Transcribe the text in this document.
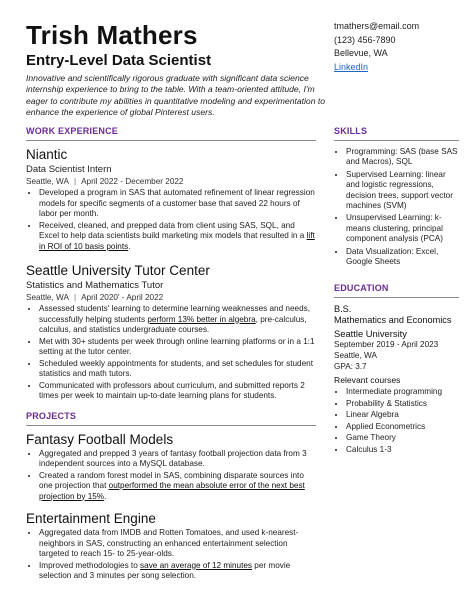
Trish Mathers
Entry-Level Data Scientist
tmathers@email.com
(123) 456-7890
Bellevue, WA
LinkedIn
Innovative and scientifically rigorous graduate with significant data science internship experience to bring to the table. With a team-oriented attitude, I'm eager to contribute my abilities in quantitative modeling and experimentation to enhance the experience of global Pinterest users.
WORK EXPERIENCE
Niantic
Data Scientist Intern
Seattle, WA | April 2022 - December 2022
• Developed a program in SAS that automated refinement of linear regression models for specific segments of a customer base that saved 22 hours of labor per month.
• Received, cleaned, and prepped data from client using SAS, SQL, and Excel to help data scientists build marketing mix models that resulted in a lift in ROI of 10 basis points.
Seattle University Tutor Center
Statistics and Mathematics Tutor
Seattle, WA | April 2020' - April 2022
• Assessed students' learning to determine learning weaknesses and needs, successfully helping students perform 13% better in algebra, pre-calculus, calculus, and statistics undergraduate courses.
• Met with 30+ students per week through online learning platforms or in a 1:1 setting at the tutor center.
• Scheduled weekly appointments for students, and set schedules for student statistics and math tutors.
• Communicated with professors about curriculum, and submitted reports 2 times per week to maintain up-to-date learning plans for students.
PROJECTS
Fantasy Football Models
• Aggregated and prepped 3 years of fantasy football projection data from 3 independent sources into a MySQL database.
• Created a random forest model in SAS, combining disparate sources into one projection that outperformed the mean absolute error of the next best projection by 15%.
Entertainment Engine
• Aggregated data from IMDB and Rotten Tomatoes, and used k-nearest-neighbors in SAS, constructing an enhanced entertainment selection targeted to reach 15- to 25-year-olds.
• Improved methodologies to save an average of 12 minutes per movie selection and 3 minutes per song selection.
SKILLS
• Programming: SAS (base SAS and Macros), SQL
• Supervised Learning: linear and logistic regressions, decision trees, support vector machines (SVM)
• Unsupervised Learning: k-means clustering, principal component analysis (PCA)
• Data Visualization: Excel, Google Sheets
EDUCATION
B.S.
Mathematics and Economics
Seattle University
September 2019 - April 2023
Seattle, WA
GPA: 3.7
Relevant courses
• Intermediate programming
• Probability & Statistics
• Linear Algebra
• Applied Econometrics
• Game Theory
• Calculus 1-3
